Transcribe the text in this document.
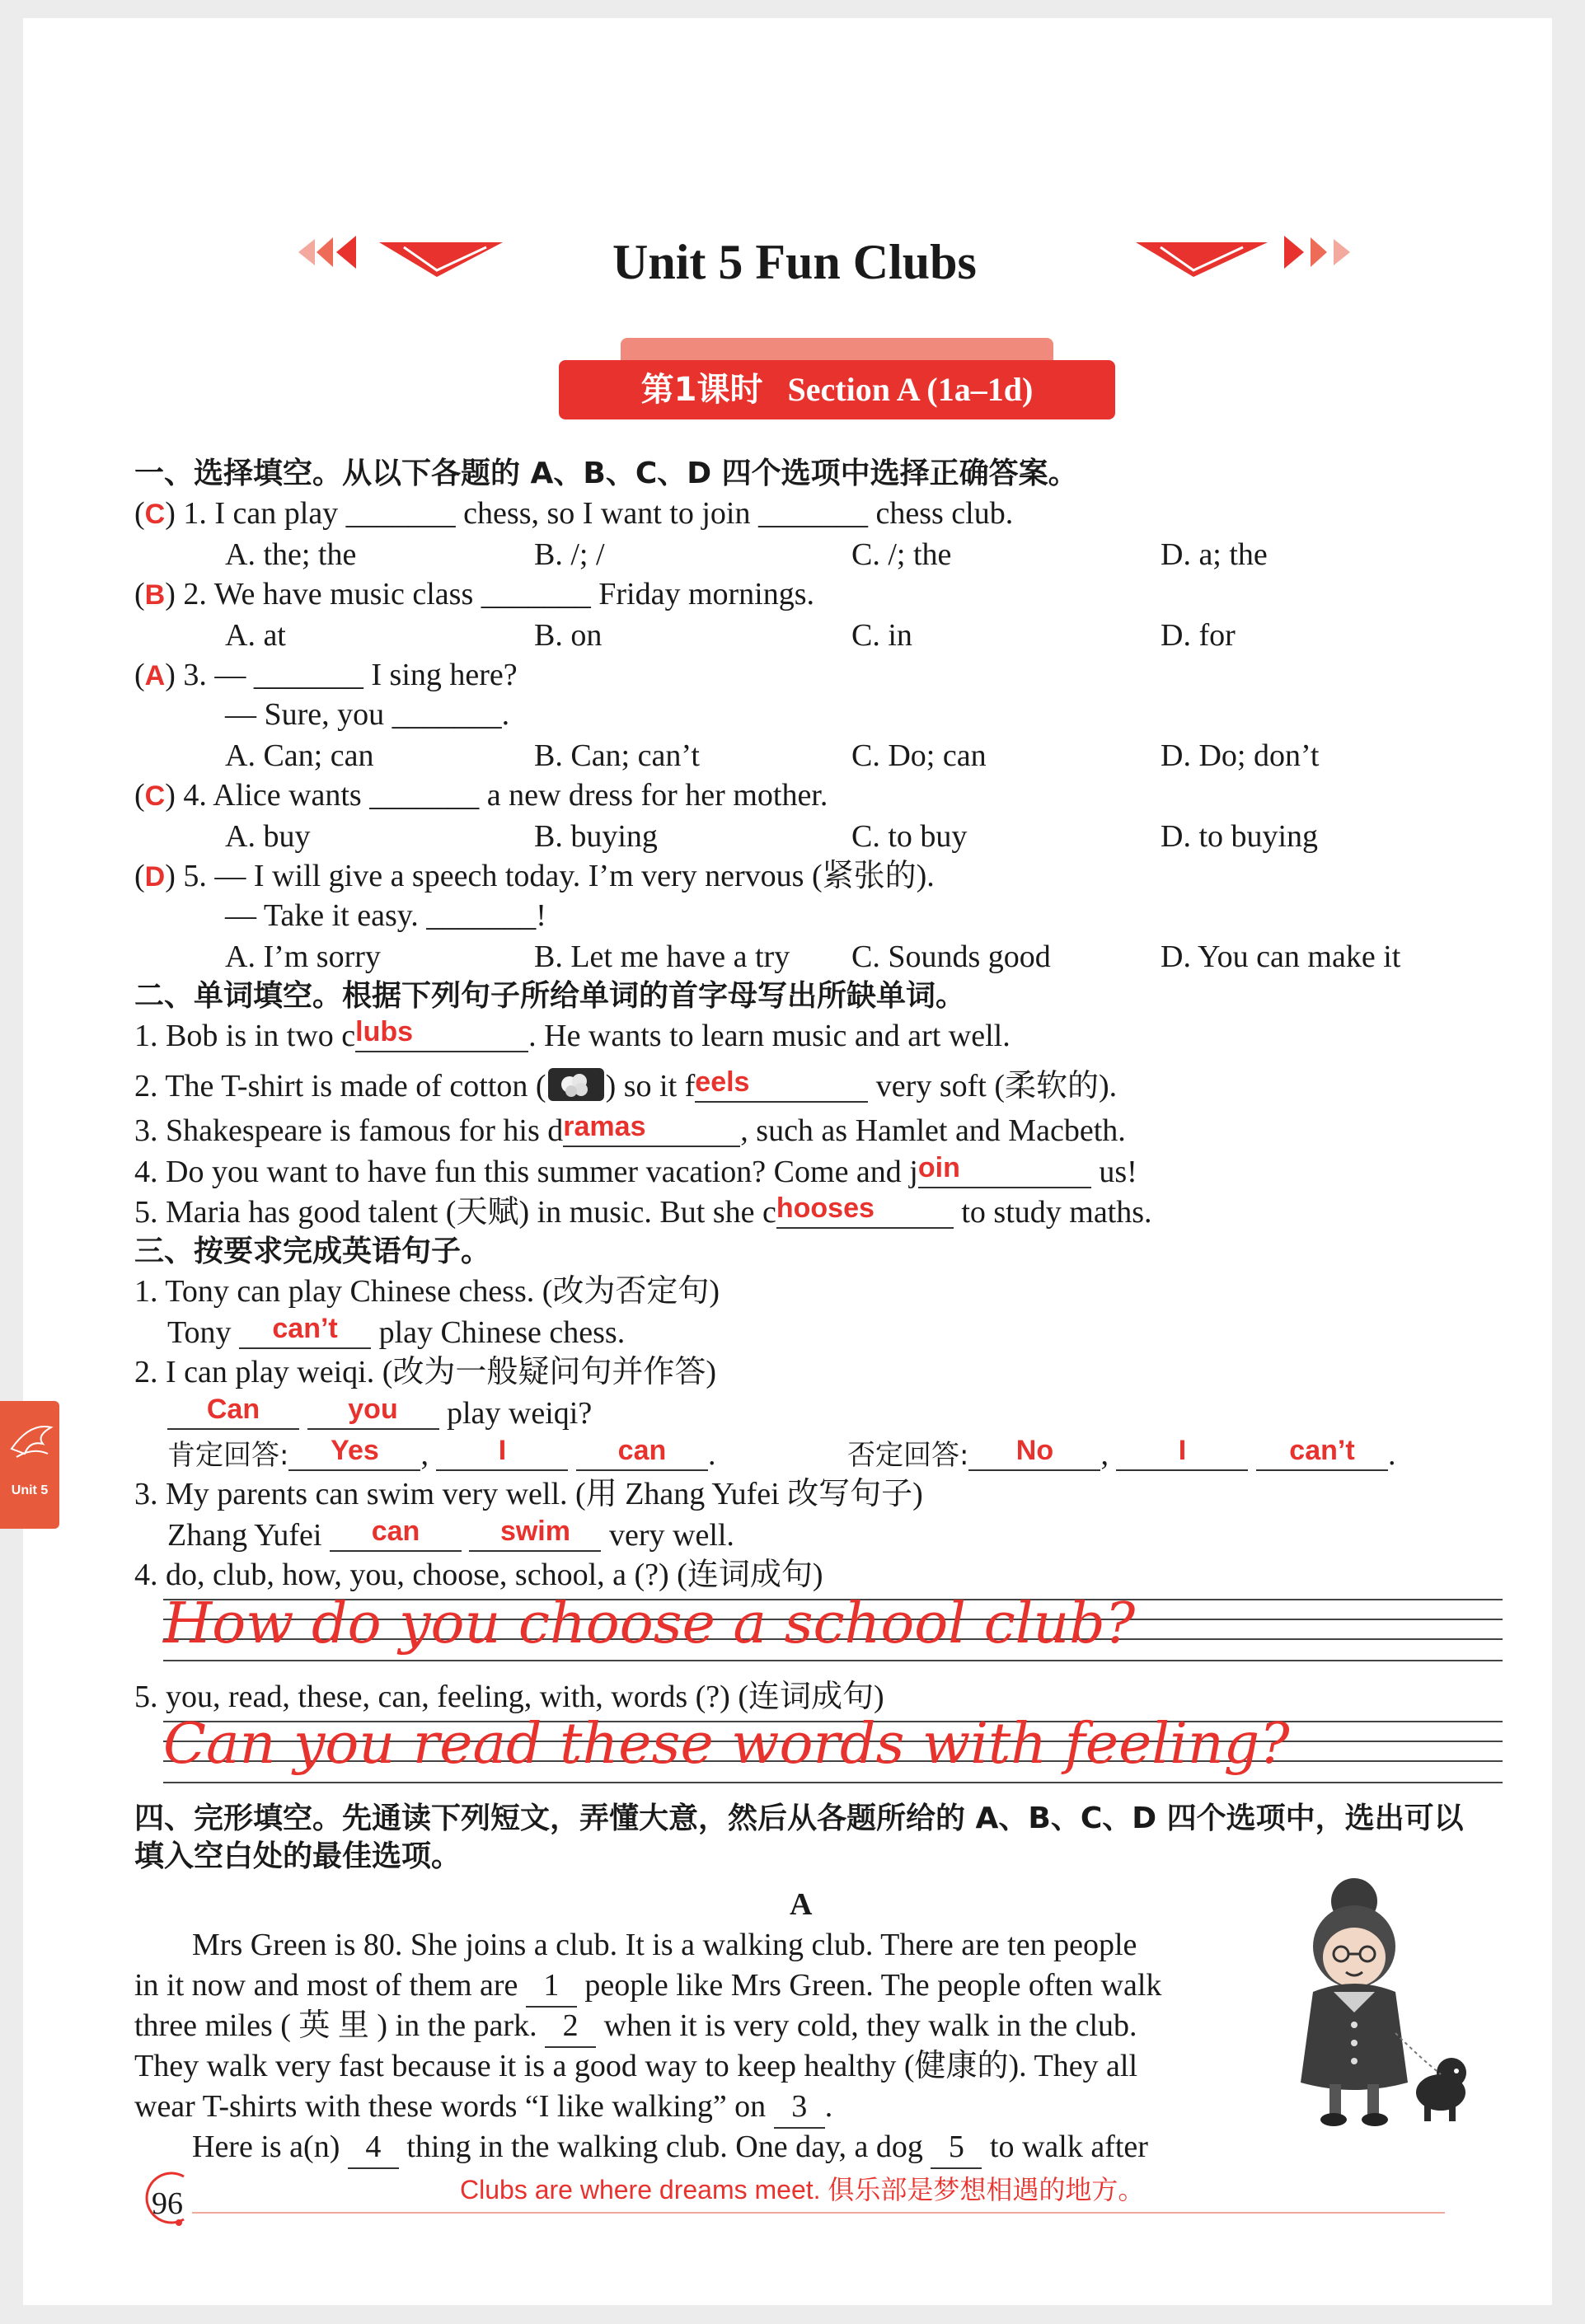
Unit 5 Fun Clubs
第1课时 Section A (1a–1d)
一、选择填空。从以下各题的 A、B、C、D 四个选项中选择正确答案。
(C) 1. I can play _______ chess, so I want to join _______ chess club.
A. the; the	B. /; /	C. /; the	D. a; the
(B) 2. We have music class _______ Friday mornings.
A. at	B. on	C. in	D. for
(A) 3. — _______ I sing here?
— Sure, you _______.
A. Can; can	B. Can; can’t	C. Do; can	D. Do; don’t
(C) 4. Alice wants _______ a new dress for her mother.
A. buy	B. buying	C. to buy	D. to buying
(D) 5. — I will give a speech today. I’m very nervous (紧张的).
— Take it easy. _______!
A. I’m sorry	B. Let me have a try C. Sounds good	D. You can make it
二、单词填空。根据下列句子所给单词的首字母写出所缺单词。
1. Bob is in two clubs	. He wants to learn music and art well.
2. The T-shirt is made of cotton ( ) so it feels	very soft (柔软的).
3. Shakespeare is famous for his dramas	, such as Hamlet and Macbeth.
4. Do you want to have fun this summer vacation? Come and join	us!
5. Maria has good talent (天赋) in music. But she chooses	to study maths.
三、按要求完成英语句子。
1. Tony can play Chinese chess. (改为否定句)
Tony can’t play Chinese chess.
2. I can play weiqi. (改为一般疑问句并作答)
Can	you play weiqi?
肯定回答: Yes , I	can .	否定回答: No , I	can’t .
3. My parents can swim very well. (用 Zhang Yufei 改写句子)
Zhang Yufei can	swim very well.
4. do, club, how, you, choose, school, a (?) (连词成句)
How do you choose a school club?
5. you, read, these, can, feeling, with, words (?) (连词成句)
Can you read these words with feeling?
四、完形填空。先通读下列短文，弄懂大意，然后从各题所给的 A、B、C、D 四个选项中，选出可以
填入空白处的最佳选项。
A
Mrs Green is 80. She joins a club. It is a walking club. There are ten people
in it now and most of them are 1 people like Mrs Green. The people often walk
three miles ( 英 里 ) in the park. 2 when it is very cold, they walk in the club.
They walk very fast because it is a good way to keep healthy (健康的). They all
wear T-shirts with these words “I like walking” on 3 .
Here is a(n) 4 thing in the walking club. One day, a dog 5 to walk after
96	Clubs are where dreams meet. 俱乐部是梦想相遇的地方。
Unit 5
